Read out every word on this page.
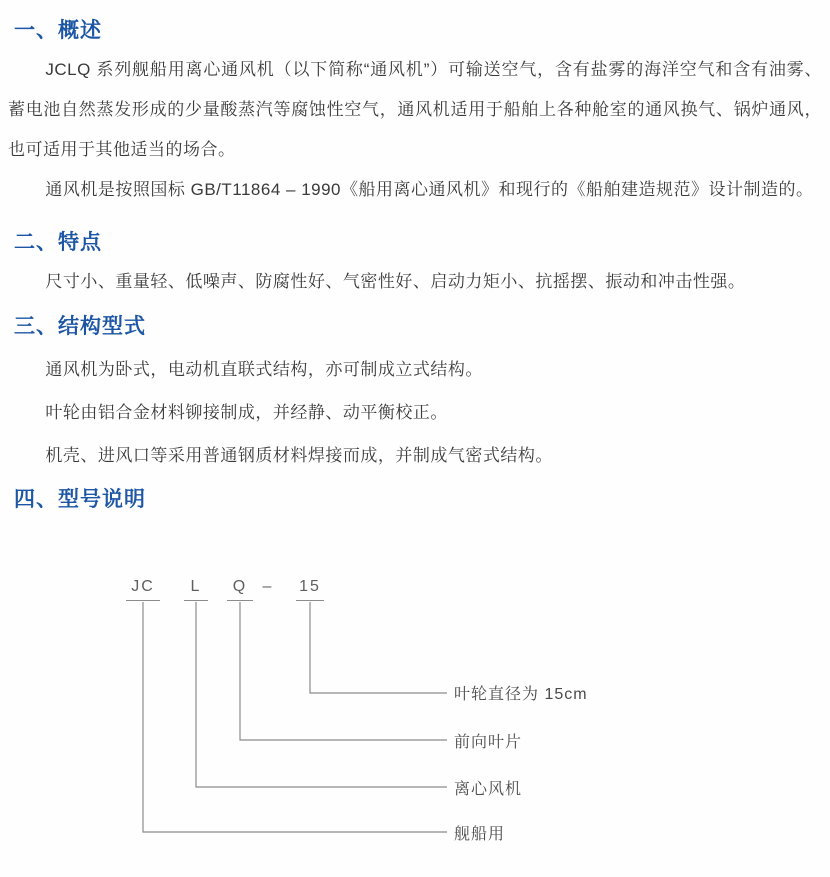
一、概述

JCLQ 系列舰船用离心通风机（以下简称“通风机”）可输送空气，含有盐雾的海洋空气和含有油雾、蓄电池自然蒸发形成的少量酸蒸汽等腐蚀性空气，通风机适用于船舶上各种舱室的通风换气、锅炉通风，也可适用于其他适当的场合。

通风机是按照国标 GB/T11864 – 1990《船用离心通风机》和现行的《船舶建造规范》设计制造的。

二、特点

尺寸小、重量轻、低噪声、防腐性好、气密性好、启动力矩小、抗摇摆、振动和冲击性强。

三、结构型式

通风机为卧式，电动机直联式结构，亦可制成立式结构。

叶轮由铝合金材料铆接制成，并经静、动平衡校正。

机壳、进风口等采用普通钢质材料焊接而成，并制成气密式结构。

四、型号说明
JC	L	Q – 15
叶轮直径为 15cm
前向叶片
离心风机
舰船用
